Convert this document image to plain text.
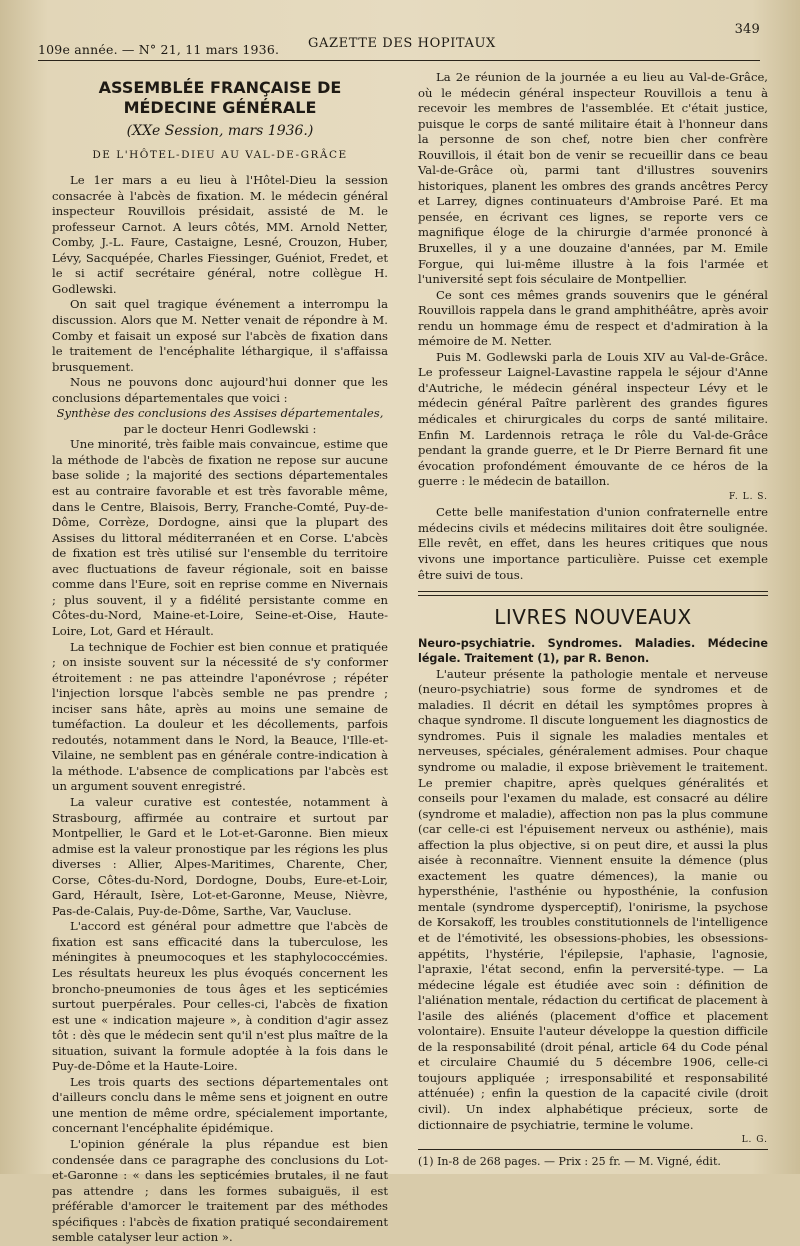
109e année. — N° 21, 11 mars 1936. GAZETTE DES HOPITAUX
349
ASSEMBLÉE FRANÇAISE DE MÉDECINE GÉNÉRALE
(XXe Session, mars 1936.)
DE L'HÔTEL-DIEU AU VAL-DE-GRÂCE

Le 1er mars a eu lieu à l'Hôtel-Dieu la session consacrée à l'abcès de fixation. M. le médecin général inspecteur Rouvillois présidait, assisté de M. le professeur Carnot. A leurs côtés, MM. Arnold Netter, Comby, J.-L. Faure, Castaigne, Lesné, Crouzon, Huber, Lévy, Sacquépée, Charles Fiessinger, Guéniot, Fredet, et le si actif secrétaire général, notre collègue H. Godlewski.

On sait quel tragique événement a interrompu la discussion. Alors que M. Netter venait de répondre à M. Comby et faisait un exposé sur l'abcès de fixation dans le traitement de l'encéphalite léthargique, il s'affaissa brusquement.

Nous ne pouvons donc aujourd'hui donner que les conclusions départementales que voici :

Synthèse des conclusions des Assises départementales,

par le docteur Henri Godlewski :

Une minorité, très faible mais convaincue, estime que la méthode de l'abcès de fixation ne repose sur aucune base solide ; la majorité des sections départementales est au contraire favorable et est très favorable même, dans le Centre, Blaisois, Berry, Franche-Comté, Puy-de-Dôme, Corrèze, Dordogne, ainsi que la plupart des Assises du littoral méditerranéen et en Corse. L'abcès de fixation est très utilisé sur l'ensemble du territoire avec fluctuations de faveur régionale, soit en baisse comme dans l'Eure, soit en reprise comme en Nivernais ; plus souvent, il y a fidélité persistante comme en Côtes-du-Nord, Maine-et-Loire, Seine-et-Oise, Haute-Loire, Lot, Gard et Hérault.

La technique de Fochier est bien connue et pratiquée ; on insiste souvent sur la nécessité de s'y conformer étroitement : ne pas atteindre l'aponévrose ; répéter l'injection lorsque l'abcès semble ne pas prendre ; inciser sans hâte, après au moins une semaine de tuméfaction. La douleur et les décollements, parfois redoutés, notamment dans le Nord, la Beauce, l'Ille-et-Vilaine, ne semblent pas en générale contre-indication à la méthode. L'absence de complications par l'abcès est un argument souvent enregistré.

La valeur curative est contestée, notamment à Strasbourg, affirmée au contraire et surtout par Montpellier, le Gard et le Lot-et-Garonne. Bien mieux admise est la valeur pronostique par les régions les plus diverses : Allier, Alpes-Maritimes, Charente, Cher, Corse, Côtes-du-Nord, Dordogne, Doubs, Eure-et-Loir, Gard, Hérault, Isère, Lot-et-Garonne, Meuse, Nièvre, Pas-de-Calais, Puy-de-Dôme, Sarthe, Var, Vaucluse.

L'accord est général pour admettre que l'abcès de fixation est sans efficacité dans la tuberculose, les méningites à pneumocoques et les staphylococcémies. Les résultats heureux les plus évoqués concernent les broncho-pneumonies de tous âges et les septicémies surtout puerpérales. Pour celles-ci, l'abcès de fixation est une « indication majeure », à condition d'agir assez tôt : dès que le médecin sent qu'il n'est plus maître de la situation, suivant la formule adoptée à la fois dans le Puy-de-Dôme et la Haute-Loire.

Les trois quarts des sections départementales ont d'ailleurs conclu dans le même sens et joignent en outre une mention de même ordre, spécialement importante, concernant l'encéphalite épidémique.

L'opinion générale la plus répandue est bien condensée dans ce paragraphe des conclusions du Lot-et-Garonne : « dans les septicémies brutales, il ne faut pas attendre ; dans les formes subaiguës, il est préférable d'amorcer le traitement par des méthodes spécifiques : l'abcès de fixation pratiqué secondairement semble catalyser leur action ».

La 2e réunion de la journée a eu lieu au Val-de-Grâce, où le médecin général inspecteur Rouvillois a tenu à recevoir les membres de l'assemblée. Et c'était justice, puisque le corps de santé militaire était à l'honneur dans la personne de son chef, notre bien cher confrère Rouvillois, il était bon de venir se recueillir dans ce beau Val-de-Grâce où, parmi tant d'illustres souvenirs historiques, planent les ombres des grands ancêtres Percy et Larrey, dignes continuateurs d'Ambroise Paré. Et ma pensée, en écrivant ces lignes, se reporte vers ce magnifique éloge de la chirurgie d'armée prononcé à Bruxelles, il y a une douzaine d'années, par M. Emile Forgue, qui lui-même illustre à la fois l'armée et l'université sept fois séculaire de Montpellier.

Ce sont ces mêmes grands souvenirs que le général Rouvillois rappela dans le grand amphithéâtre, après avoir rendu un hommage ému de respect et d'admiration à la mémoire de M. Netter.

Puis M. Godlewski parla de Louis XIV au Val-de-Grâce. Le professeur Laignel-Lavastine rappela le séjour d'Anne d'Autriche, le médecin général inspecteur Lévy et le médecin général Paître parlèrent des grandes figures médicales et chirurgicales du corps de santé militaire. Enfin M. Lardennois retraça le rôle du Val-de-Grâce pendant la grande guerre, et le Dr Pierre Bernard fit une évocation profondément émouvante de ce héros de la guerre : le médecin de bataillon.

F. L. S.

Cette belle manifestation d'union confraternelle entre médecins civils et médecins militaires doit être soulignée. Elle revêt, en effet, dans les heures critiques que nous vivons une importance particulière. Puisse cet exemple être suivi de tous.

LIVRES NOUVEAUX

Neuro-psychiatrie. Syndromes. Maladies. Médecine légale. Traitement (1), par R. Benon.

L'auteur présente la pathologie mentale et nerveuse (neuro-psychiatrie) sous forme de syndromes et de maladies. Il décrit en détail les symptômes propres à chaque syndrome. Il discute longuement les diagnostics de syndromes. Puis il signale les maladies mentales et nerveuses, spéciales, généralement admises. Pour chaque syndrome ou maladie, il expose brièvement le traitement. Le premier chapitre, après quelques généralités et conseils pour l'examen du malade, est consacré au délire (syndrome et maladie), affection non pas la plus commune (car celle-ci est l'épuisement nerveux ou asthénie), mais affection la plus objective, si on peut dire, et aussi la plus aisée à reconnaître. Viennent ensuite la démence (plus exactement les quatre démences), la manie ou hypersthénie, l'asthénie ou hyposthénie, la confusion mentale (syndrome dysperceptif), l'onirisme, la psychose de Korsakoff, les troubles constitutionnels de l'intelligence et de l'émotivité, les obsessions-phobies, les obsessions-appétits, l'hystérie, l'épilepsie, l'aphasie, l'agnosie, l'apraxie, l'état second, enfin la perversité-type. — La médecine légale est étudiée avec soin : définition de l'aliénation mentale, rédaction du certificat de placement à l'asile des aliénés (placement d'office et placement volontaire). Ensuite l'auteur développe la question difficile de la responsabilité (droit pénal, article 64 du Code pénal et circulaire Chaumié du 5 décembre 1906, celle-ci toujours appliquée ; irresponsabilité et responsabilité atténuée) ; enfin la question de la capacité civile (droit civil). Un index alphabétique précieux, sorte de dictionnaire de psychiatrie, termine le volume.

L. G.

(1) In-8 de 268 pages. — Prix : 25 fr. — M. Vigné, édit.
